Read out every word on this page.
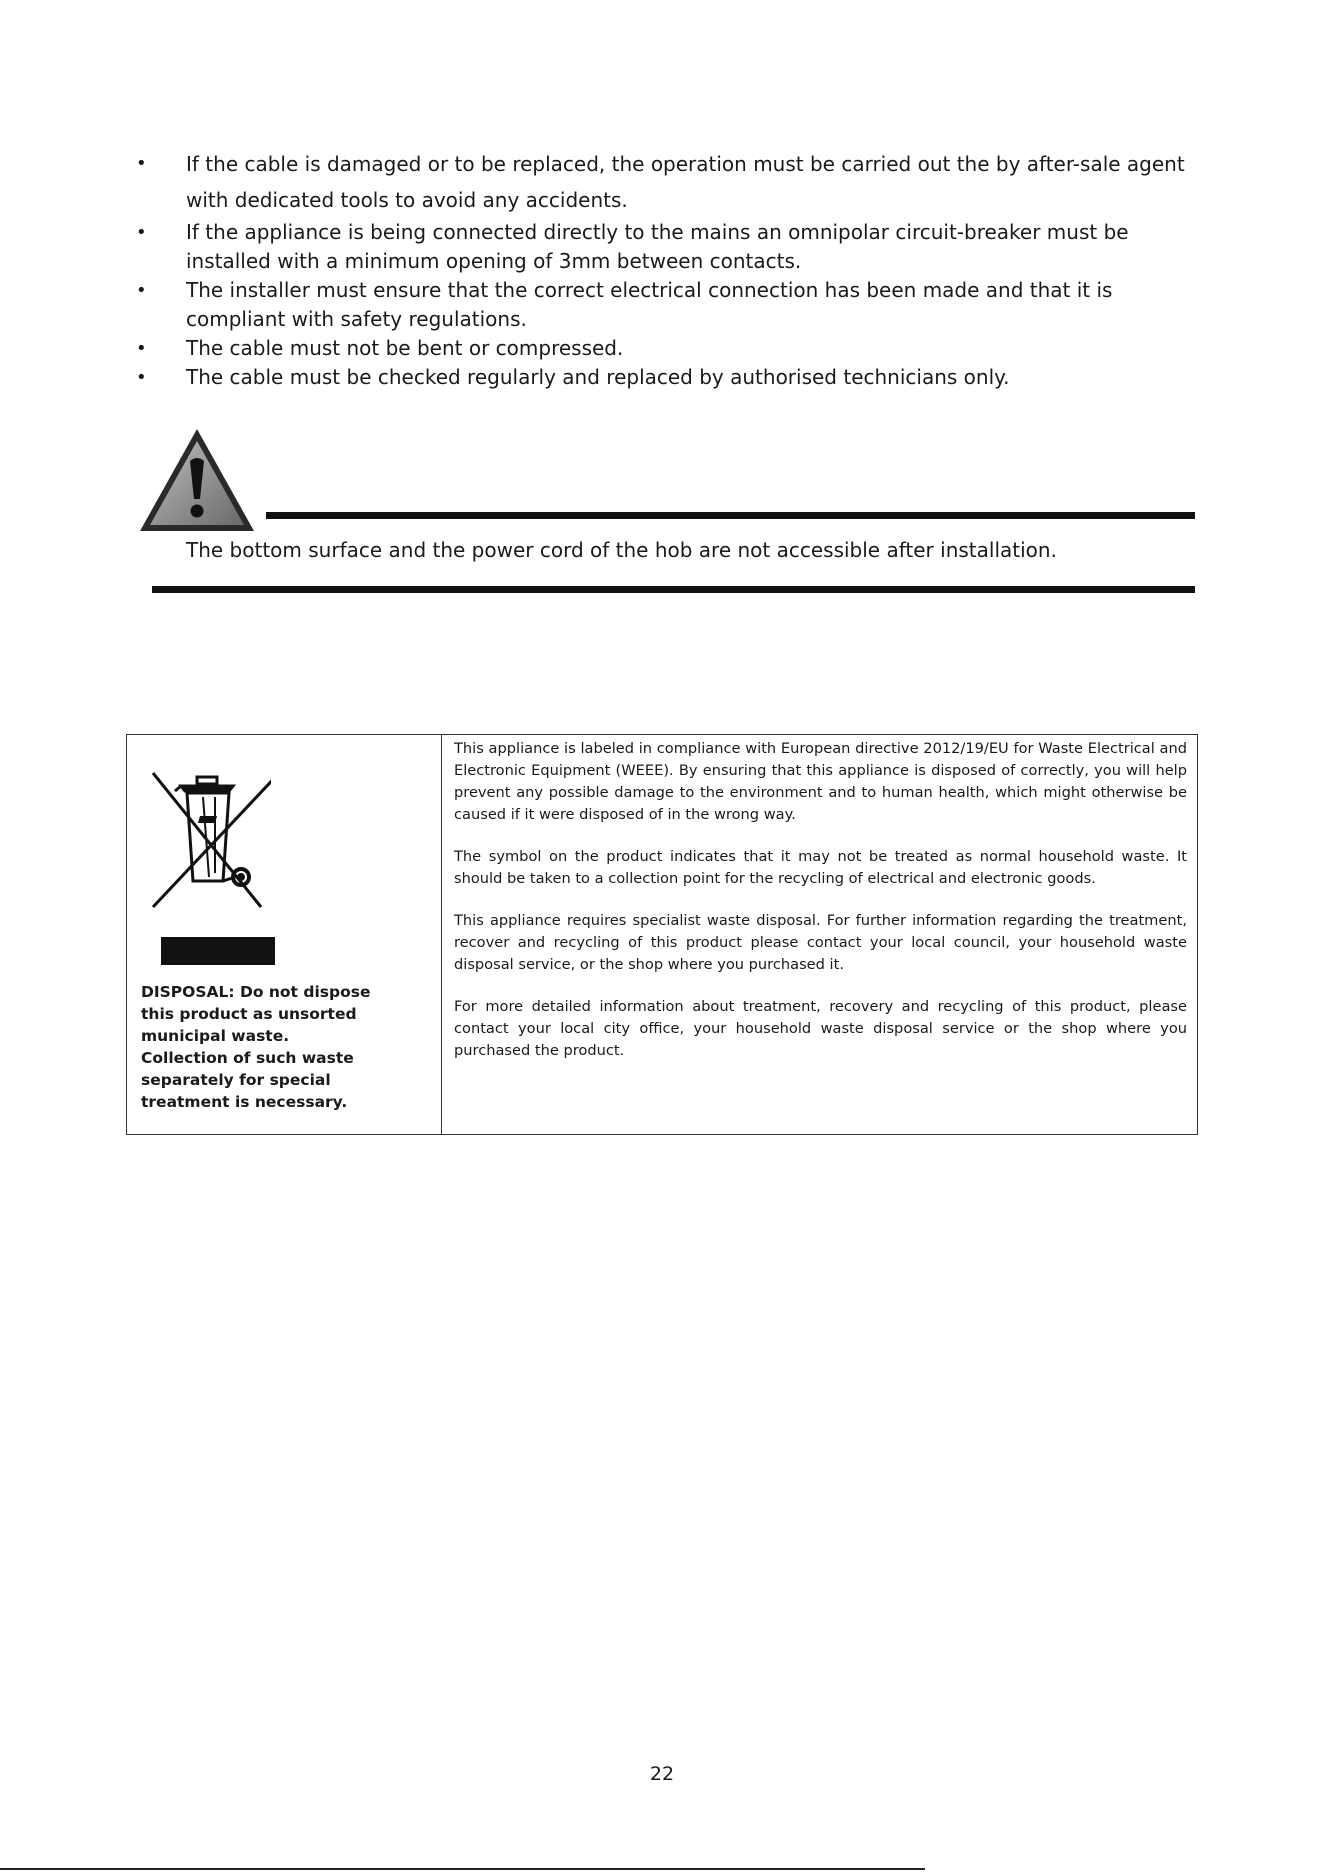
• If the cable is damaged or to be replaced, the operation must be carried out the by after-sale agent with dedicated tools to avoid any accidents.
• If the appliance is being connected directly to the mains an omnipolar circuit-breaker must be installed with a minimum opening of 3mm between contacts.
• The installer must ensure that the correct electrical connection has been made and that it is compliant with safety regulations.
• The cable must not be bent or compressed.
• The cable must be checked regularly and replaced by authorised technicians only.
The bottom surface and the power cord of the hob are not accessible after installation.
DISPOSAL: Do not dispose this product as unsorted municipal waste. Collection of such waste separately for special treatment is necessary.

This appliance is labeled in compliance with European directive 2012/19/EU for Waste Electrical and Electronic Equipment (WEEE). By ensuring that this appliance is disposed of correctly, you will help prevent any possible damage to the environment and to human health, which might otherwise be caused if it were disposed of in the wrong way.

The symbol on the product indicates that it may not be treated as normal household waste. It should be taken to a collection point for the recycling of electrical and electronic goods.

This appliance requires specialist waste disposal. For further information regarding the treatment, recover and recycling of this product please contact your local council, your household waste disposal service, or the shop where you purchased it.

For more detailed information about treatment, recovery and recycling of this product, please contact your local city office, your household waste disposal service or the shop where you purchased the product.

22
